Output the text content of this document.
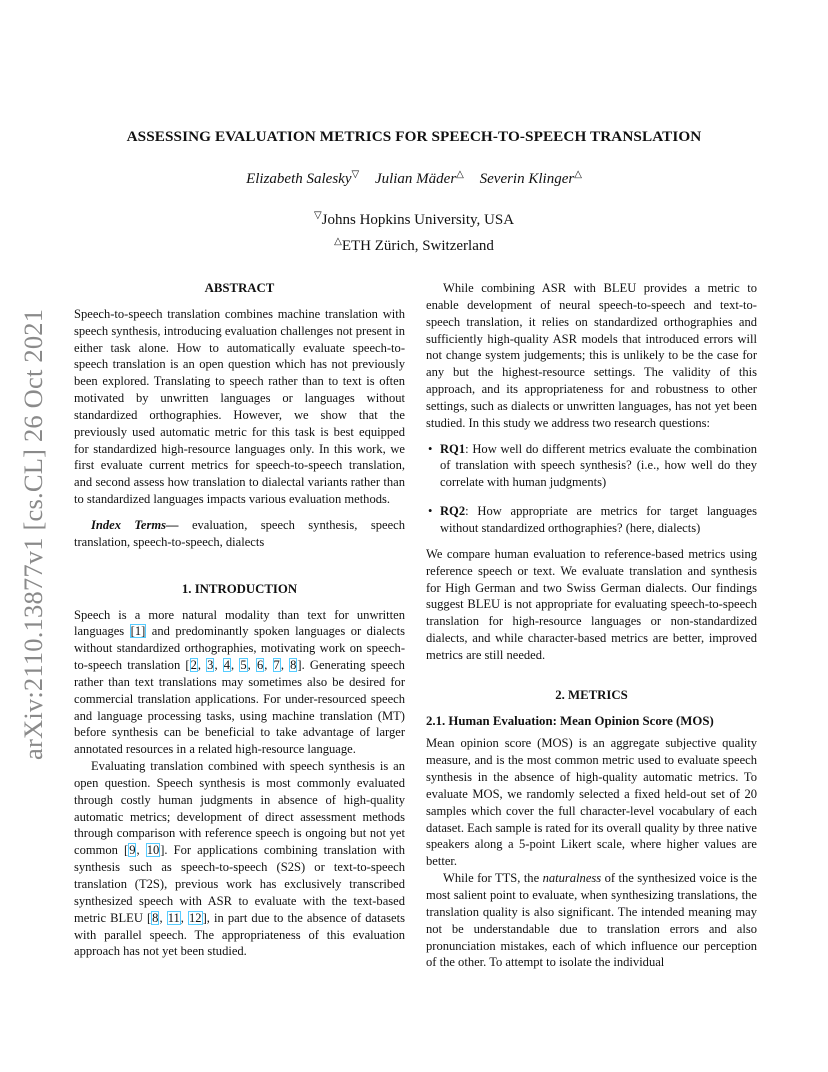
arXiv:2110.13877v1 [cs.CL] 26 Oct 2021
ASSESSING EVALUATION METRICS FOR SPEECH-TO-SPEECH TRANSLATION
Elizabeth Salesky▽ Julian Mäder△ Severin Klinger△
▽Johns Hopkins University, USA
△ETH Zürich, Switzerland
ABSTRACT

Speech-to-speech translation combines machine translation with speech synthesis, introducing evaluation challenges not present in either task alone. How to automatically evaluate speech-to-speech translation is an open question which has not previously been explored. Translating to speech rather than to text is often motivated by unwritten languages or languages without standardized orthographies. However, we show that the previously used automatic metric for this task is best equipped for standardized high-resource languages only. In this work, we first evaluate current metrics for speech-to-speech translation, and second assess how translation to dialectal variants rather than to standardized languages impacts various evaluation methods.

Index Terms— evaluation, speech synthesis, speech translation, speech-to-speech, dialects

1. INTRODUCTION

Speech is a more natural modality than text for unwritten languages [1] and predominantly spoken languages or dialects without standardized orthographies, motivating work on speech-to-speech translation [2, 3, 4, 5, 6, 7, 8]. Generating speech rather than text translations may sometimes also be desired for commercial translation applications. For under-resourced speech and language processing tasks, using machine translation (MT) before synthesis can be beneficial to take advantage of larger annotated resources in a related high-resource language.

Evaluating translation combined with speech synthesis is an open question. Speech synthesis is most commonly evaluated through costly human judgments in absence of high-quality automatic metrics; development of direct assessment methods through comparison with reference speech is ongoing but not yet common [9, 10]. For applications combining translation with synthesis such as speech-to-speech (S2S) or text-to-speech translation (T2S), previous work has exclusively transcribed synthesized speech with ASR to evaluate with the text-based metric BLEU [8, 11, 12], in part due to the absence of datasets with parallel speech. The appropriateness of this evaluation approach has not yet been studied.

While combining ASR with BLEU provides a metric to enable development of neural speech-to-speech and text-to-speech translation, it relies on standardized orthographies and sufficiently high-quality ASR models that introduced errors will not change system judgements; this is unlikely to be the case for any but the highest-resource settings. The validity of this approach, and its appropriateness for and robustness to other settings, such as dialects or unwritten languages, has not yet been studied. In this study we address two research questions:

• RQ1: How well do different metrics evaluate the combination of translation with speech synthesis? (i.e., how well do they correlate with human judgments)
• RQ2: How appropriate are metrics for target languages without standardized orthographies? (here, dialects)

We compare human evaluation to reference-based metrics using reference speech or text. We evaluate translation and synthesis for High German and two Swiss German dialects. Our findings suggest BLEU is not appropriate for evaluating speech-to-speech translation for high-resource languages or non-standardized dialects, and while character-based metrics are better, improved metrics are still needed.

2. METRICS
2.1. Human Evaluation: Mean Opinion Score (MOS)

Mean opinion score (MOS) is an aggregate subjective quality measure, and is the most common metric used to evaluate speech synthesis in the absence of high-quality automatic metrics. To evaluate MOS, we randomly selected a fixed held-out set of 20 samples which cover the full character-level vocabulary of each dataset. Each sample is rated for its overall quality by three native speakers along a 5-point Likert scale, where higher values are better.

While for TTS, the naturalness of the synthesized voice is the most salient point to evaluate, when synthesizing translations, the translation quality is also significant. The intended meaning may not be understandable due to translation errors and also pronunciation mistakes, each of which influence our perception of the other. To attempt to isolate the individual
